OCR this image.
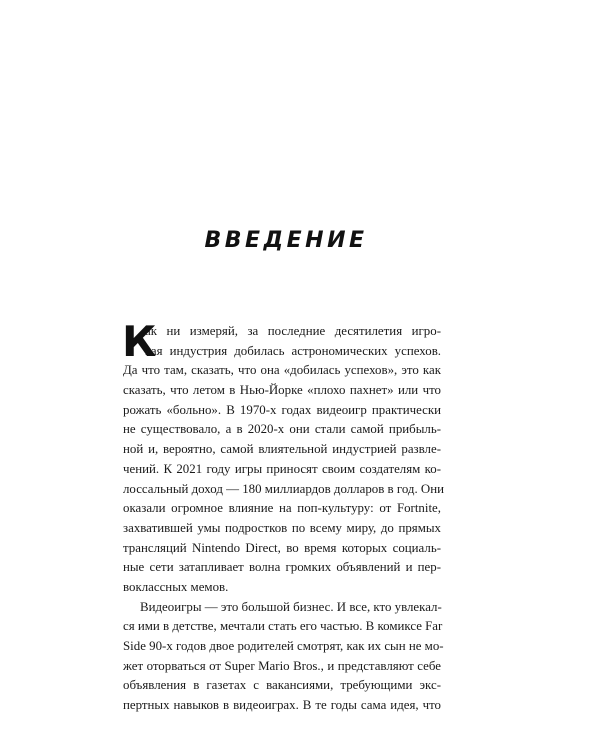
ВВЕДЕНИЕ
К
ак ни измеряй, за последние десятилетия игро-
вая индустрия добилась астрономических успехов.
Да что там, сказать, что она «добилась успехов», это как
сказать, что летом в Нью-Йорке «плохо пахнет» или что
рожать «больно». В 1970-х годах видеоигр практически
не существовало, а в 2020-х они стали самой прибыль-
ной и, вероятно, самой влиятельной индустрией развле-
чений. К 2021 году игры приносят своим создателям ко-
лоссальный доход — 180 миллиардов долларов в год. Они
оказали огромное влияние на поп-культуру: от Fortnite,
захватившей умы подростков по всему миру, до прямых
трансляций Nintendo Direct, во время которых социаль-
ные сети затапливает волна громких объявлений и пер-
воклассных мемов.
Видеоигры — это большой бизнес. И все, кто увлекал-
ся ими в детстве, мечтали стать его частью. В комиксе Far
Side 90-х годов двое родителей смотрят, как их сын не мо-
жет оторваться от Super Mario Bros., и представляют себе
объявления в газетах с вакансиями, требующими экс-
пертных навыков в видеоиграх. В те годы сама идея, что
